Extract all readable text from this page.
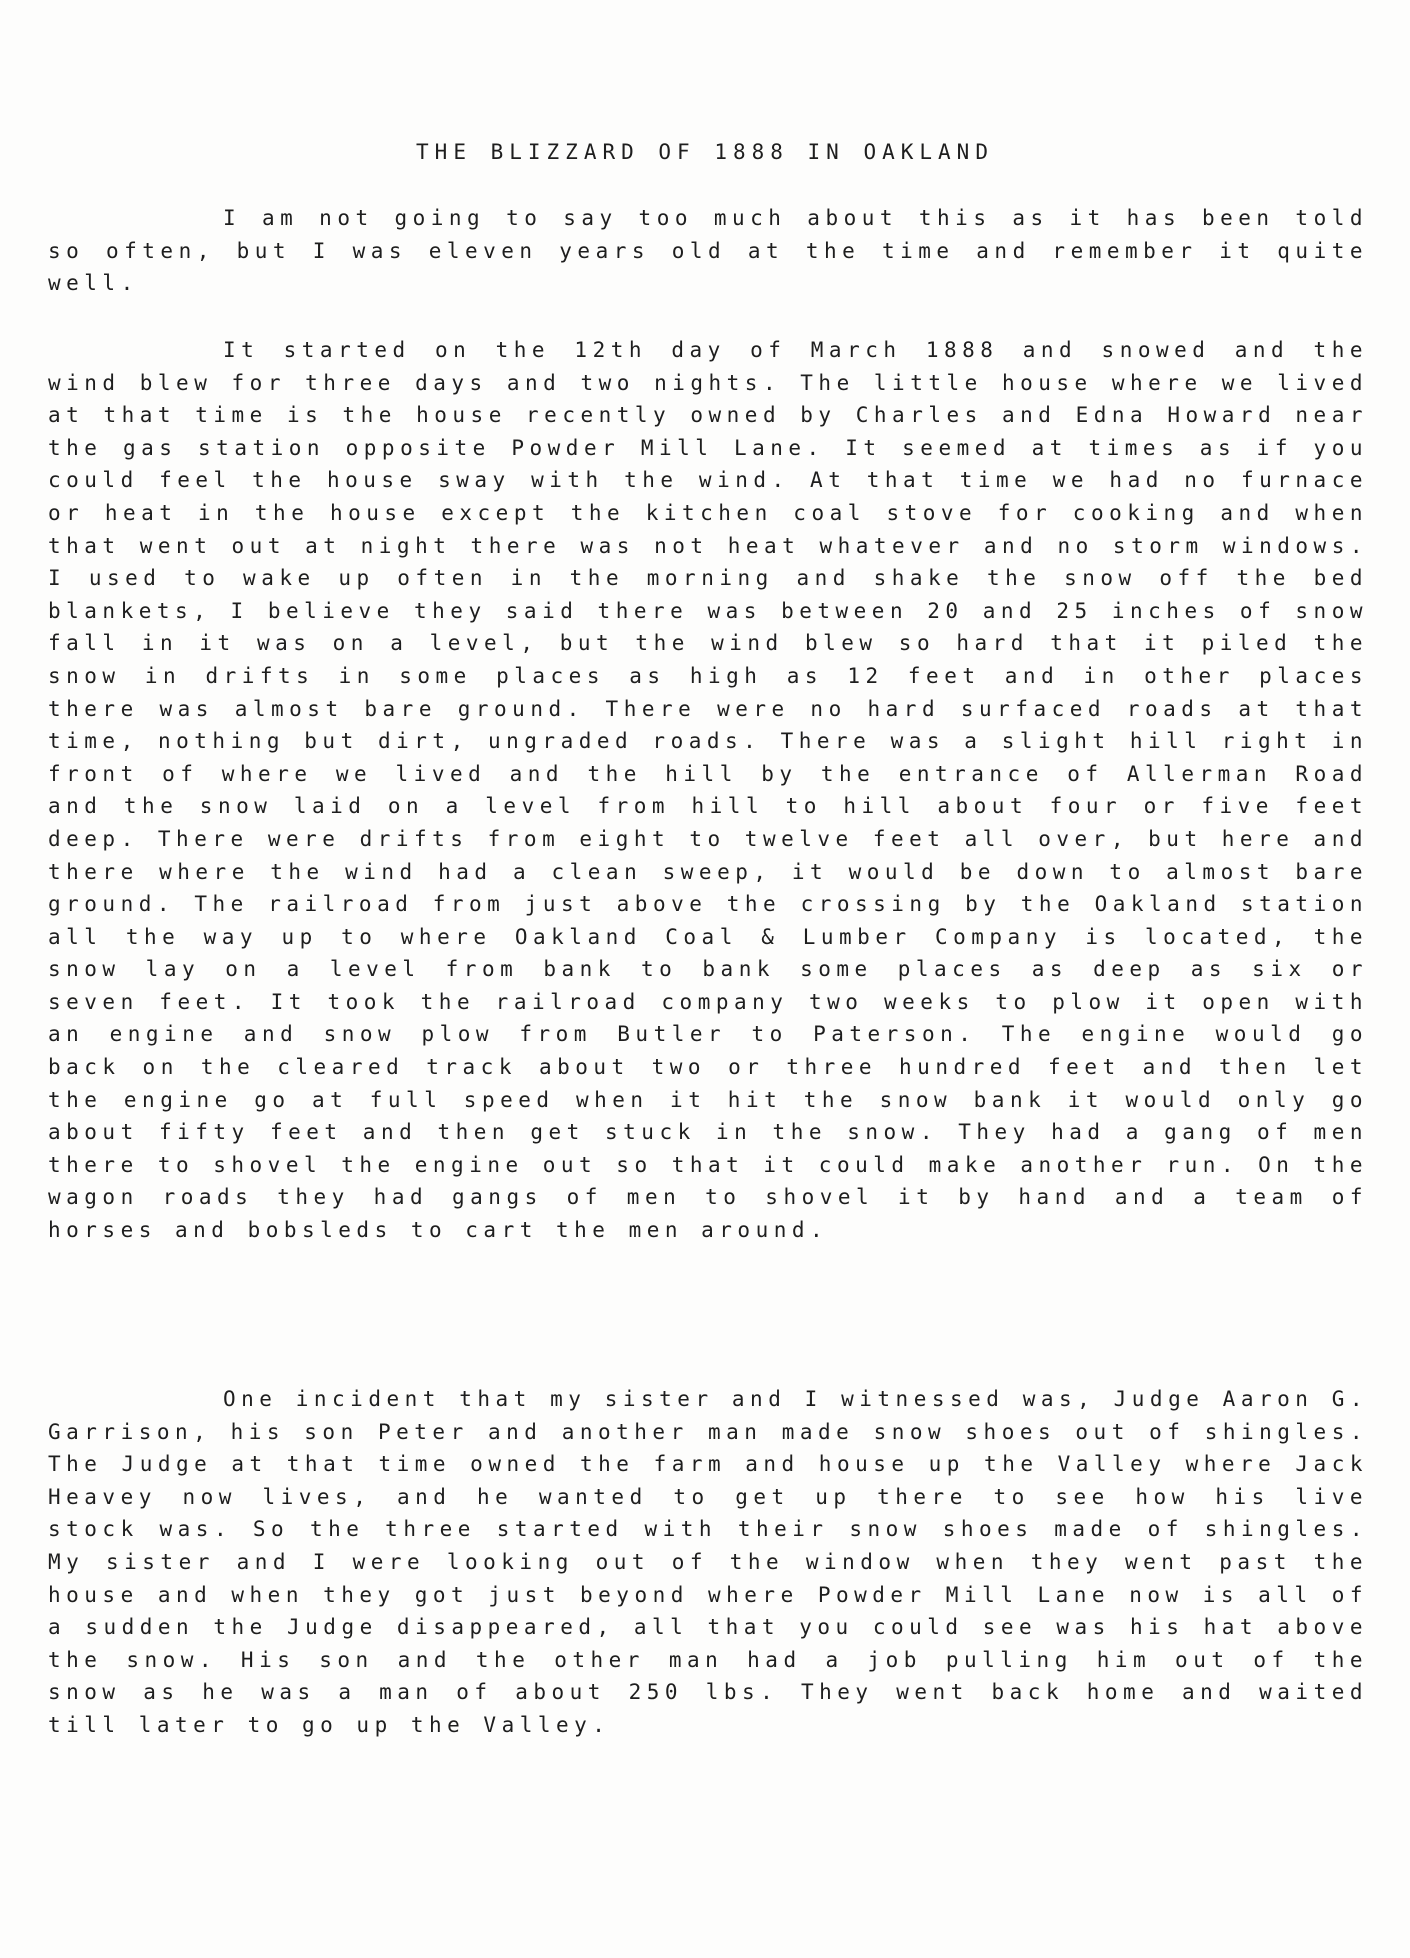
THE BLIZZARD OF 1888 IN OAKLAND

I am not going to say too much about this as it has been told so often, but I was eleven years old at the time and remember it quite well.

It started on the 12th day of March 1888 and snowed and the wind blew for three days and two nights. The little house where we lived at that time is the house recently owned by Charles and Edna Howard near the gas station opposite Powder Mill Lane. It seemed at times as if you could feel the house sway with the wind. At that time we had no furnace or heat in the house except the kitchen coal stove for cooking and when that went out at night there was not heat whatever and no storm windows. I used to wake up often in the morning and shake the snow off the bed blankets, I believe they said there was between 20 and 25 inches of snow fall in it was on a level, but the wind blew so hard that it piled the snow in drifts in some places as high as 12 feet and in other places there was almost bare ground. There were no hard surfaced roads at that time, nothing but dirt, ungraded roads. There was a slight hill right in front of where we lived and the hill by the entrance of Allerman Road and the snow laid on a level from hill to hill about four or five feet deep. There were drifts from eight to twelve feet all over, but here and there where the wind had a clean sweep, it would be down to almost bare ground. The railroad from just above the crossing by the Oakland station all the way up to where Oakland Coal & Lumber Company is located, the snow lay on a level from bank to bank some places as deep as six or seven feet. It took the railroad company two weeks to plow it open with an engine and snow plow from Butler to Paterson. The engine would go back on the cleared track about two or three hundred feet and then let the engine go at full speed when it hit the snow bank it would only go about fifty feet and then get stuck in the snow. They had a gang of men there to shovel the engine out so that it could make another run. On the wagon roads they had gangs of men to shovel it by hand and a team of horses and bobsleds to cart the men around.

One incident that my sister and I witnessed was, Judge Aaron G. Garrison, his son Peter and another man made snow shoes out of shingles. The Judge at that time owned the farm and house up the Valley where Jack Heavey now lives, and he wanted to get up there to see how his live stock was. So the three started with their snow shoes made of shingles. My sister and I were looking out of the window when they went past the house and when they got just beyond where Powder Mill Lane now is all of a sudden the Judge disappeared, all that you could see was his hat above the snow. His son and the other man had a job pulling him out of the snow as he was a man of about 250 lbs. They went back home and waited till later to go up the Valley.
